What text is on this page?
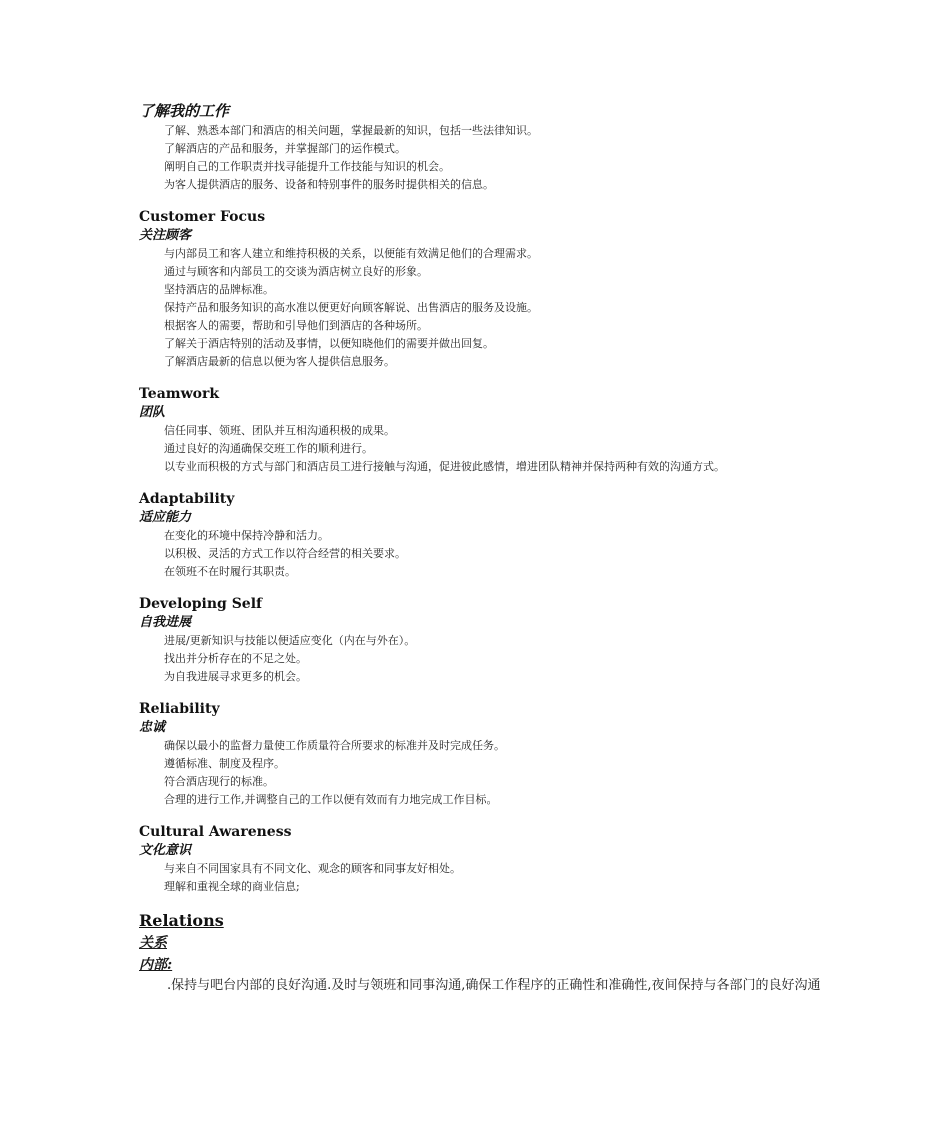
了解我的工作

了解、熟悉本部门和酒店的相关问题，掌握最新的知识，包括一些法律知识。
了解酒店的产品和服务，并掌握部门的运作模式。
阐明自己的工作职责并找寻能提升工作技能与知识的机会。
为客人提供酒店的服务、设备和特别事件的服务时提供相关的信息。

Customer Focus

关注顾客

与内部员工和客人建立和维持积极的关系，以便能有效满足他们的合理需求。
通过与顾客和内部员工的交谈为酒店树立良好的形象。
坚持酒店的品牌标准。
保持产品和服务知识的高水准以便更好向顾客解说、出售酒店的服务及设施。
根据客人的需要，帮助和引导他们到酒店的各种场所。
了解关于酒店特别的活动及事情，以便知晓他们的需要并做出回复。
了解酒店最新的信息以便为客人提供信息服务。

Teamwork

团队

信任同事、领班、团队并互相沟通积极的成果。
通过良好的沟通确保交班工作的顺利进行。
以专业而积极的方式与部门和酒店员工进行接触与沟通，促进彼此感情，增进团队精神并保持两种有效的沟通方式。

Adaptability

适应能力

在变化的环境中保持冷静和活力。
以积极、灵活的方式工作以符合经营的相关要求。
在领班不在时履行其职责。

Developing Self

自我进展

进展/更新知识与技能以便适应变化（内在与外在）。
找出并分析存在的不足之处。
为自我进展寻求更多的机会。

Reliability

忠诚

确保以最小的监督力量使工作质量符合所要求的标准并及时完成任务。
遵循标准、制度及程序。
符合酒店现行的标准。
合理的进行工作,并调整自己的工作以便有效而有力地完成工作目标。

Cultural Awareness

文化意识

与来自不同国家具有不同文化、观念的顾客和同事友好相处。
理解和重视全球的商业信息;

Relations

关系

内部:

.保持与吧台内部的良好沟通.及时与领班和同事沟通,确保工作程序的正确性和准确性,夜间保持与各部门的良好沟通
